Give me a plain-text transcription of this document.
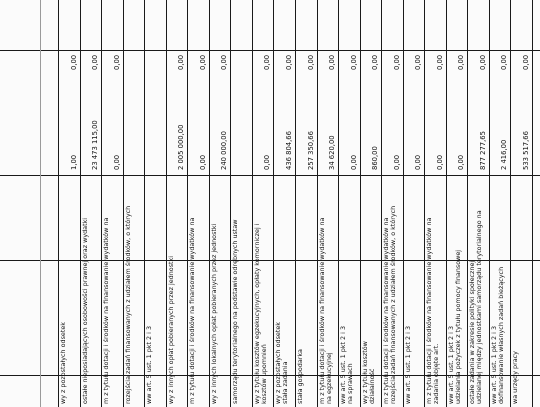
wy z pozostałych odsetek
1,00
0,00
ostałe nieposiadających osobowości prawnej oraz wydatki
23 473 115,00
0,00
m z tytułu dotacji i środków na finansowanie wydatków na
0,00
0,00
rozejścia zadań finansowanych z udziałem środków, o których ww art. 5 ust. 1 pkt 2 i 3 wy z innych opłat pobieranych przez jednostki
2 005 000,00
0,00
m z tytułu dotacji i środków na finansowanie wydatków na
0,00
0,00
wy z innych lokalnych opłat pobieranych przez jednostki
240 000,00
0,00
samorządu terytorialnego na podstawie odrębnych ustaw wy z tytułu kosztów egzekucyjnych, opłaty komorniczej i
0,00
0,00
wy z pozostałych odsetek
436 804,66
0,00
stała gospodarka
257 350,66
0,00
m z tytułu dotacji i środków na finansowanie wydatków na
34 620,00
0,00
ww art. 5 ust. 1 pkt 2 i 3
0,00
0,00
wy z tytułu kosztów
860,00
0,00
m z tytułu dotacji i środków na finansowanie wydatków na
0,00
0,00
ww art. 5 ust. 1 pkt 2 i 3
0,00
0,00
m z tytułu dotacji i środków na finansowanie wydatków na
0,00
0,00
ww art. 5 ust. 1 pkt 2 i 3
0,00
0,00
ostałe zadania w zakresie polityki społecznej
877 277,65
0,00
ww art. 5 ust. 1 pkt 2 i 3
2 416,00
0,00
wa urzędy pracy
533 517,66
0,00
kosztów upomnień stała zadania	na egzekucyjnej na sprawach działalność rozejścia zadań finansowanych z udziałem środków, o których	zadania objęte art. udzielania pożyczek z tytułu pomocy finansowej udzielanej między jednostkami samorządu terytorialnego na dofinansowanie własnych zadań bieżących
